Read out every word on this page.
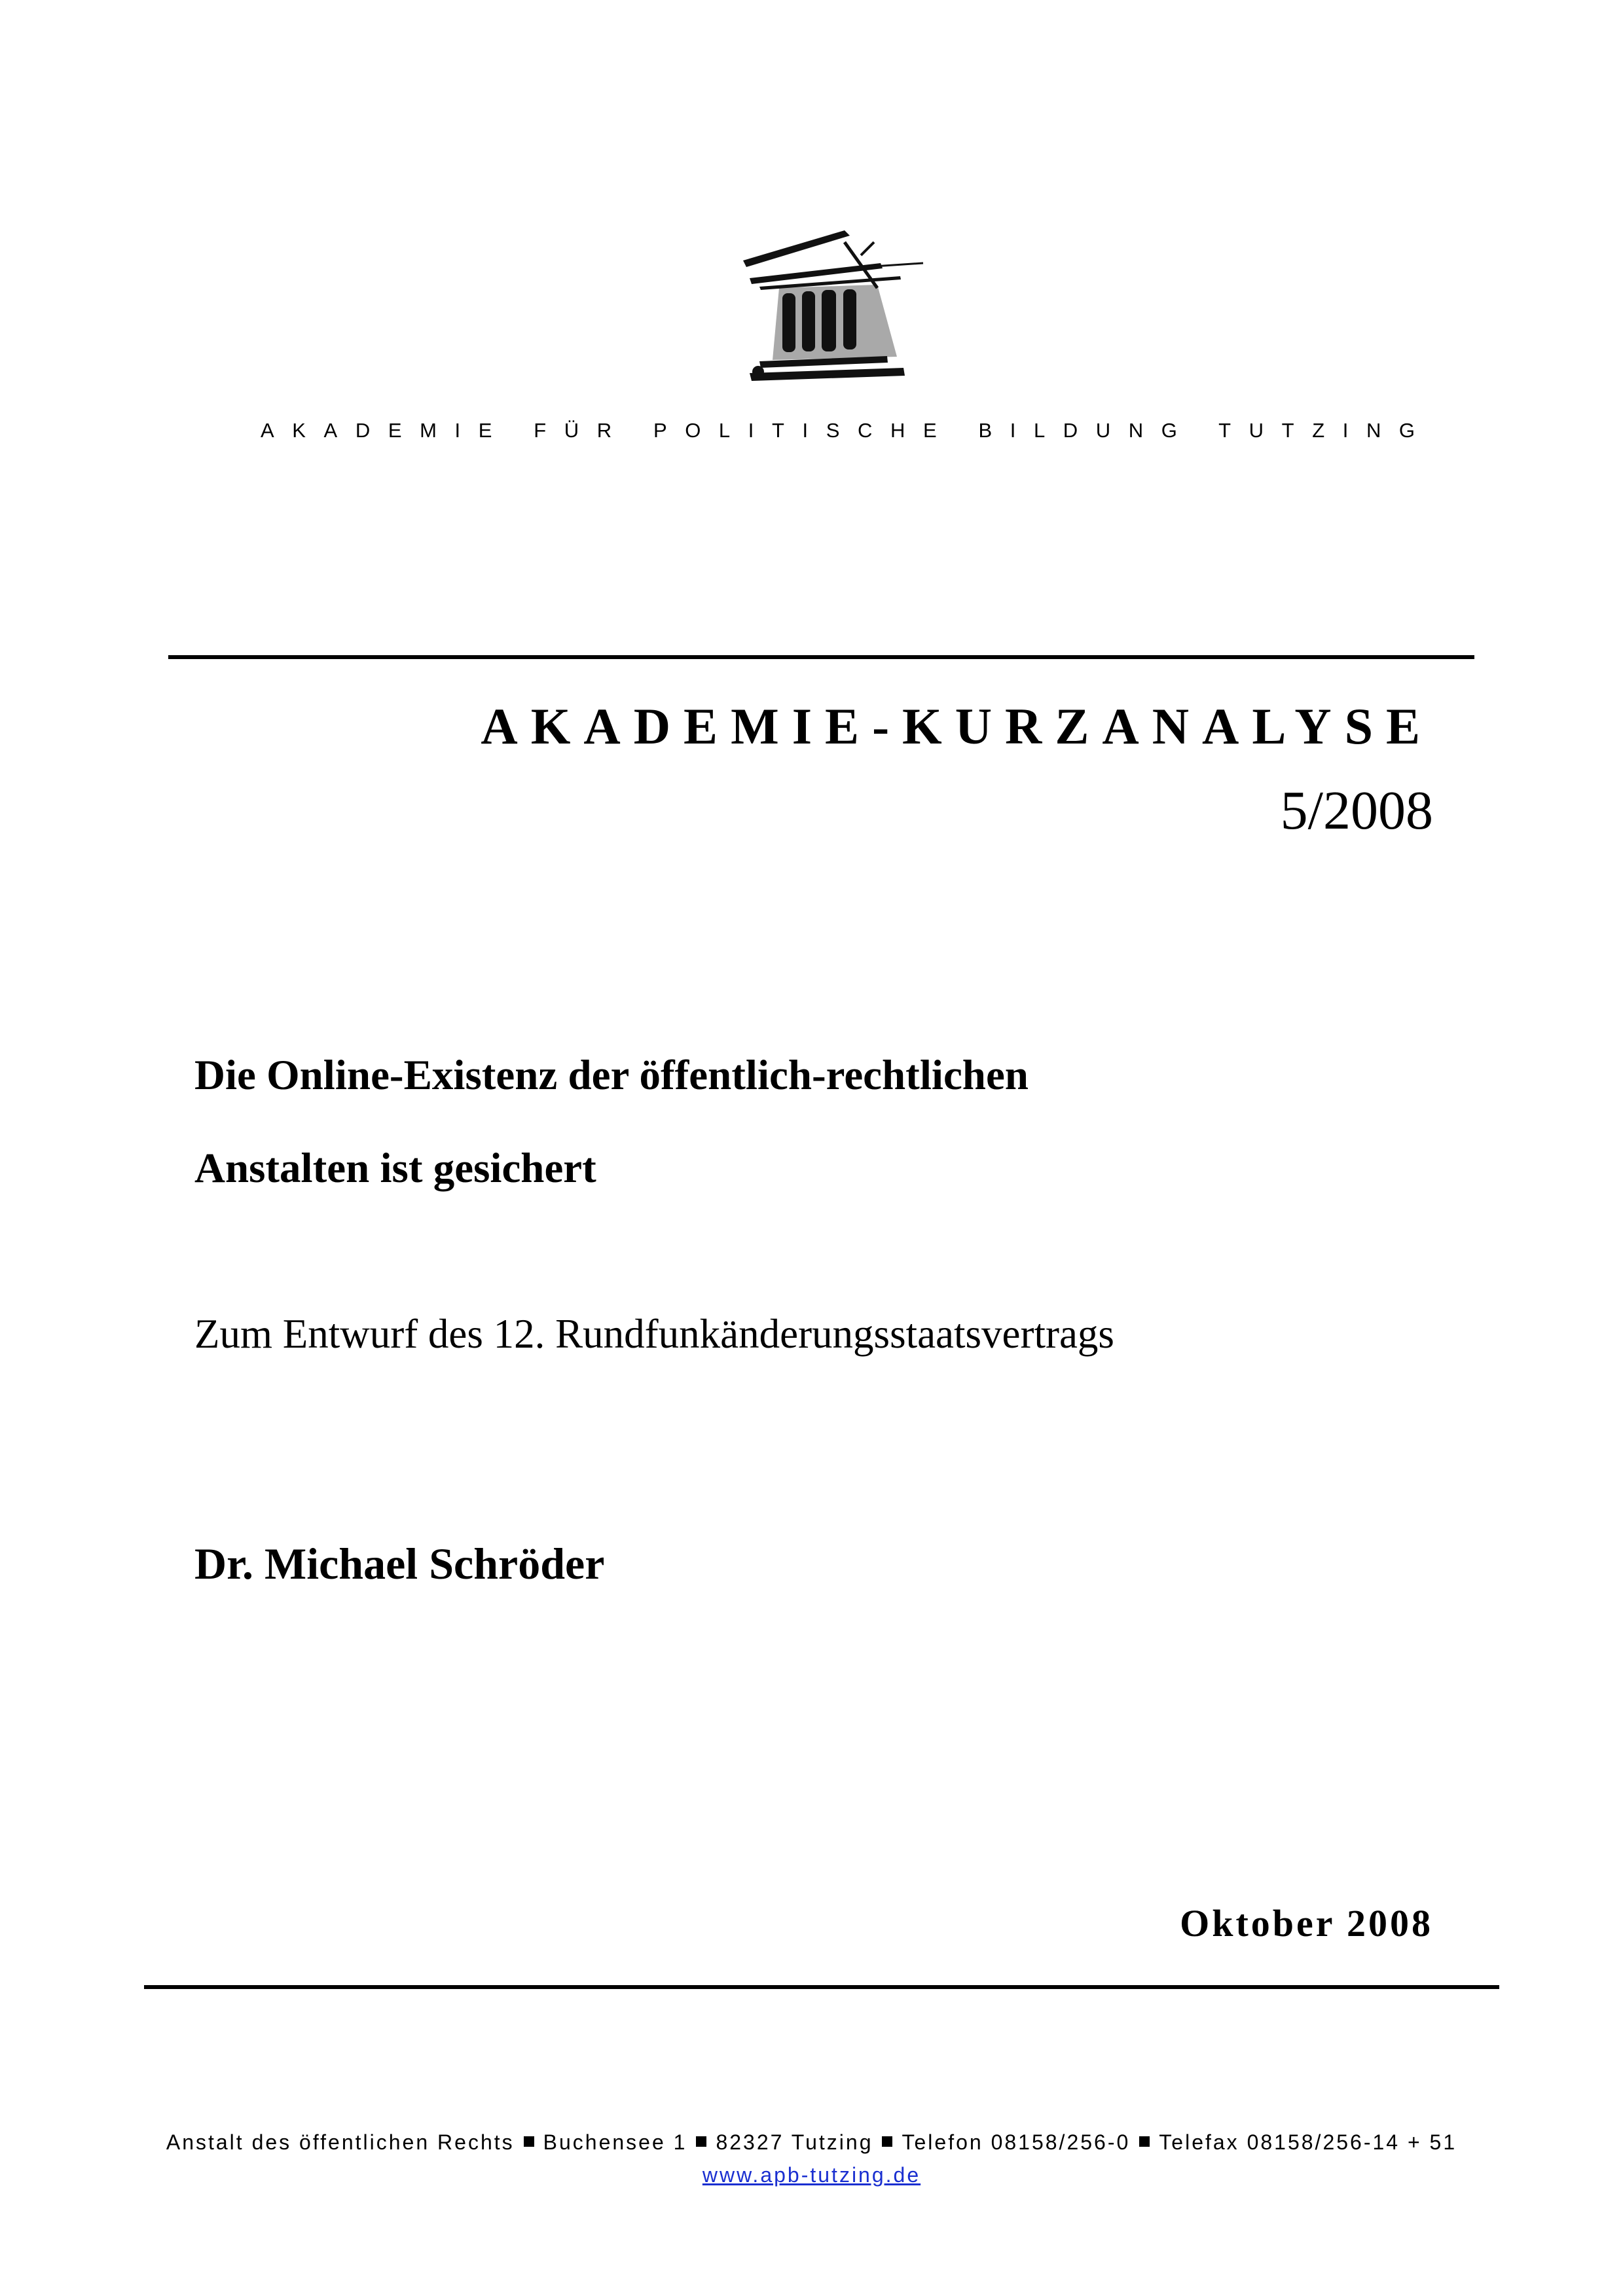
AKADEMIE FÜR POLITISCHE BILDUNG TUTZING
AKADEMIE-KURZANALYSE
5/2008
Die Online-Existenz der öffentlich-rechtlichen
Anstalten ist gesichert
Zum Entwurf des 12. Rundfunkänderungsstaatsvertrags
Dr. Michael Schröder
Oktober 2008
Anstalt des öffentlichen Rechts Buchensee 1 82327 Tutzing Telefon 08158/256-0 Telefax 08158/256-14 + 51
www.apb-tutzing.de
